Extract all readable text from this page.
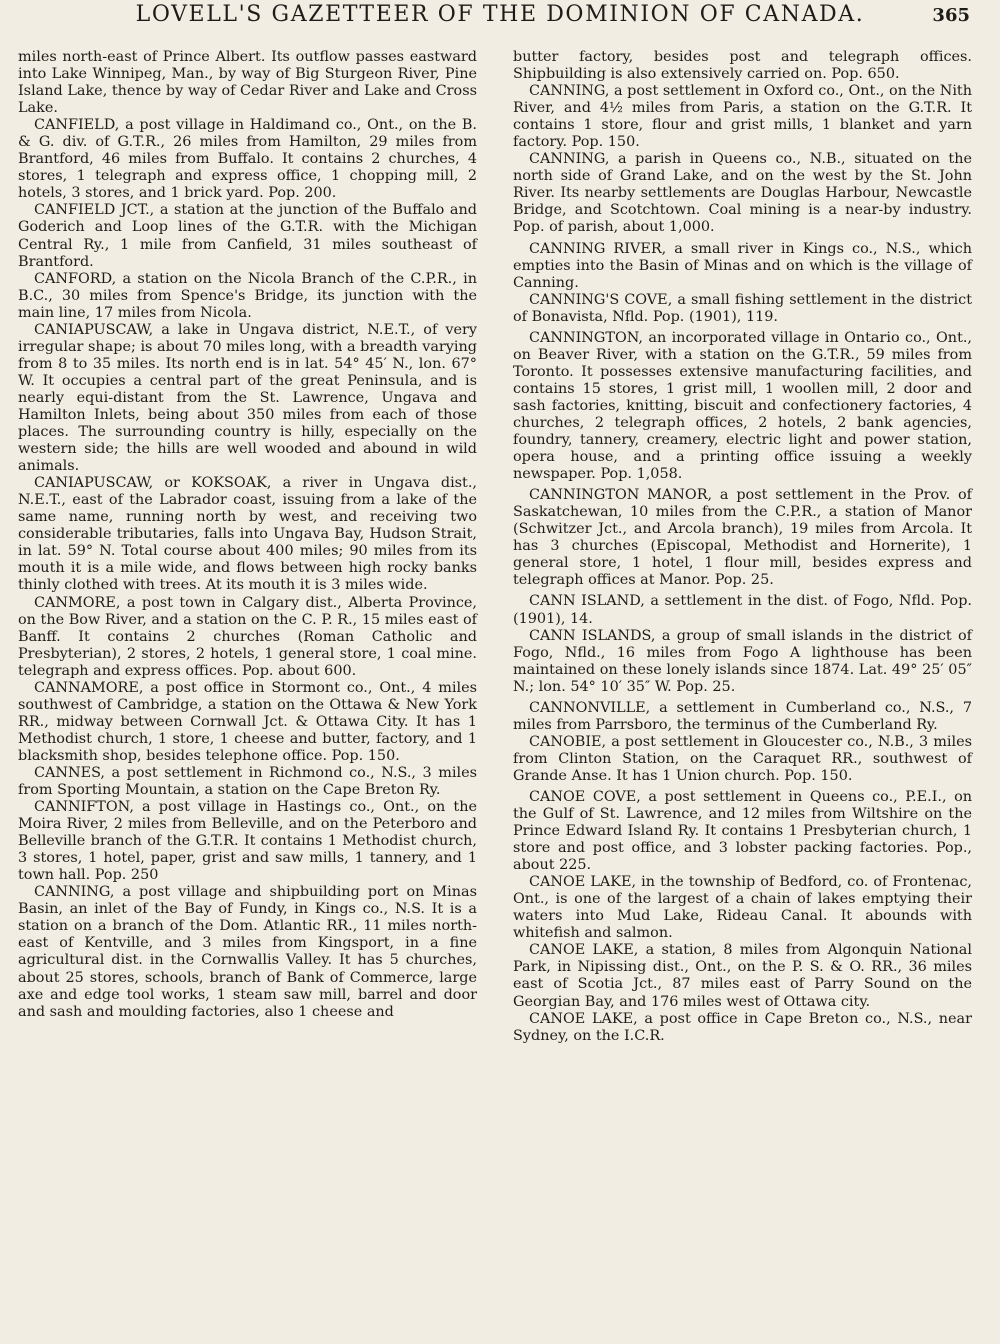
LOVELL'S GAZETTEER OF THE DOMINION OF CANADA.	365

miles north-east of Prince Albert. Its outflow passes eastward into Lake Winnipeg, Man., by way of Big Sturgeon River, Pine Island Lake, thence by way of Cedar River and Lake and Cross Lake.

CANFIELD, a post village in Haldimand co., Ont., on the B. & G. div. of G.T.R., 26 miles from Hamilton, 29 miles from Brantford, 46 miles from Buffalo. It contains 2 churches, 4 stores, 1 telegraph and express office, 1 chopping mill, 2 hotels, 3 stores, and 1 brick yard. Pop. 200.

CANFIELD JCT., a station at the junction of the Buffalo and Goderich and Loop lines of the G.T.R. with the Michigan Central Ry., 1 mile from Canfield, 31 miles southeast of Brantford.

CANFORD, a station on the Nicola Branch of the C.P.R., in B.C., 30 miles from Spence's Bridge, its junction with the main line, 17 miles from Nicola.

CANIAPUSCAW, a lake in Ungava district, N.E.T., of very irregular shape; is about 70 miles long, with a breadth varying from 8 to 35 miles. Its north end is in lat. 54° 45′ N., lon. 67° W. It occupies a central part of the great Peninsula, and is nearly equi-distant from the St. Lawrence, Ungava and Hamilton Inlets, being about 350 miles from each of those places. The surrounding country is hilly, especially on the western side; the hills are well wooded and abound in wild animals.

CANIAPUSCAW, or KOKSOAK, a river in Ungava dist., N.E.T., east of the Labrador coast, issuing from a lake of the same name, running north by west, and receiving two considerable tributaries, falls into Ungava Bay, Hudson Strait, in lat. 59° N. Total course about 400 miles; 90 miles from its mouth it is a mile wide, and flows between high rocky banks thinly clothed with trees. At its mouth it is 3 miles wide.

CANMORE, a post town in Calgary dist., Alberta Province, on the Bow River, and a station on the C. P. R., 15 miles east of Banff. It contains 2 churches (Roman Catholic and Presbyterian), 2 stores, 2 hotels, 1 general store, 1 coal mine. telegraph and express offices. Pop. about 600.

CANNAMORE, a post office in Stormont co., Ont., 4 miles southwest of Cambridge, a station on the Ottawa & New York RR., midway between Cornwall Jct. & Ottawa City. It has 1 Methodist church, 1 store, 1 cheese and butter, factory, and 1 blacksmith shop, besides telephone office. Pop. 150.

CANNES, a post settlement in Richmond co., N.S., 3 miles from Sporting Mountain, a station on the Cape Breton Ry.

CANNIFTON, a post village in Hastings co., Ont., on the Moira River, 2 miles from Belleville, and on the Peterboro and Belleville branch of the G.T.R. It contains 1 Methodist church, 3 stores, 1 hotel, paper, grist and saw mills, 1 tannery, and 1 town hall. Pop. 250

CANNING, a post village and shipbuilding port on Minas Basin, an inlet of the Bay of Fundy, in Kings co., N.S. It is a station on a branch of the Dom. Atlantic RR., 11 miles north-east of Kentville, and 3 miles from Kingsport, in a fine agricultural dist. in the Cornwallis Valley. It has 5 churches, about 25 stores, schools, branch of Bank of Commerce, large axe and edge tool works, 1 steam saw mill, barrel and door and sash and moulding factories, also 1 cheese and

butter factory, besides post and telegraph offices. Shipbuilding is also extensively carried on. Pop. 650.

CANNING, a post settlement in Oxford co., Ont., on the Nith River, and 4½ miles from Paris, a station on the G.T.R. It contains 1 store, flour and grist mills, 1 blanket and yarn factory. Pop. 150.

CANNING, a parish in Queens co., N.B., situated on the north side of Grand Lake, and on the west by the St. John River. Its nearby settlements are Douglas Harbour, Newcastle Bridge, and Scotchtown. Coal mining is a near-by industry. Pop. of parish, about 1,000.

CANNING RIVER, a small river in Kings co., N.S., which empties into the Basin of Minas and on which is the village of Canning.

CANNING'S COVE, a small fishing settlement in the district of Bonavista, Nfld. Pop. (1901), 119.

CANNINGTON, an incorporated village in Ontario co., Ont., on Beaver River, with a station on the G.T.R., 59 miles from Toronto. It possesses extensive manufacturing facilities, and contains 15 stores, 1 grist mill, 1 woollen mill, 2 door and sash factories, knitting, biscuit and confectionery factories, 4 churches, 2 telegraph offices, 2 hotels, 2 bank agencies, foundry, tannery, creamery, electric light and power station, opera house, and a printing office issuing a weekly newspaper. Pop. 1,058.

CANNINGTON MANOR, a post settlement in the Prov. of Saskatchewan, 10 miles from the C.P.R., a station of Manor (Schwitzer Jct., and Arcola branch), 19 miles from Arcola. It has 3 churches (Episcopal, Methodist and Hornerite), 1 general store, 1 hotel, 1 flour mill, besides express and telegraph offices at Manor. Pop. 25.

CANN ISLAND, a settlement in the dist. of Fogo, Nfld. Pop. (1901), 14.

CANN ISLANDS, a group of small islands in the district of Fogo, Nfld., 16 miles from Fogo A lighthouse has been maintained on these lonely islands since 1874. Lat. 49° 25′ 05″ N.; lon. 54° 10′ 35″ W. Pop. 25.

CANNONVILLE, a settlement in Cumberland co., N.S., 7 miles from Parrsboro, the terminus of the Cumberland Ry.

CANOBIE, a post settlement in Gloucester co., N.B., 3 miles from Clinton Station, on the Caraquet RR., southwest of Grande Anse. It has 1 Union church. Pop. 150.

CANOE COVE, a post settlement in Queens co., P.E.I., on the Gulf of St. Lawrence, and 12 miles from Wiltshire on the Prince Edward Island Ry. It contains 1 Presbyterian church, 1 store and post office, and 3 lobster packing factories. Pop., about 225.

CANOE LAKE, in the township of Bedford, co. of Frontenac, Ont., is one of the largest of a chain of lakes emptying their waters into Mud Lake, Rideau Canal. It abounds with whitefish and salmon.

CANOE LAKE, a station, 8 miles from Algonquin National Park, in Nipissing dist., Ont., on the P. S. & O. RR., 36 miles east of Scotia Jct., 87 miles east of Parry Sound on the Georgian Bay, and 176 miles west of Ottawa city.

CANOE LAKE, a post office in Cape Breton co., N.S., near Sydney, on the I.C.R.
